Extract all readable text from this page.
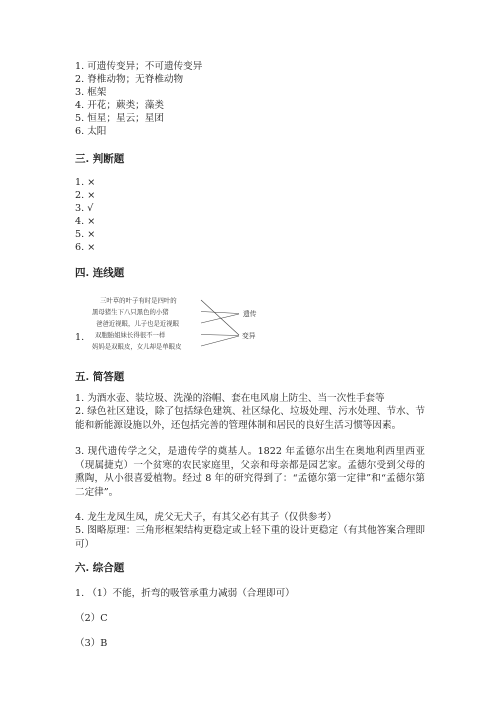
1. 可遗传变异；不可遗传变异
2. 脊椎动物；无脊椎动物
3. 框架
4. 开花；蕨类；藻类
5. 恒星；星云；星团
6. 太阳
三. 判断题
1. ×
2. ×
3. √
4. ×
5. ×
6. ×
四. 连线题
1.
三叶草的叶子有时是四叶的
黑母猪生下八只黑色的小猪
爸爸近视眼，儿子也是近视眼
双胞胎姐妹长得很不一样
妈妈是双眼皮，女儿却是单眼皮
遗传
变异
五. 简答题
1. 为酒水壶、装垃圾、洗澡的浴帽、套在电风扇上防尘、当一次性手套等
2. 绿色社区建设，除了包括绿色建筑、社区绿化、垃圾处理、污水处理、节水、节能和新能源设施以外，还包括完善的管理体制和居民的良好生活习惯等因素。
3. 现代遗传学之父，是遗传学的奠基人。1822 年孟德尔出生在奥地利西里西亚（现属捷克）一个贫寒的农民家庭里，父亲和母亲都是园艺家。孟德尔受到父母的熏陶，从小很喜爱植物。经过 8 年的研究得到了：“孟德尔第一定律”和“孟德尔第二定律”。
4. 龙生龙凤生凤，虎父无犬子，有其父必有其子（仅供参考）
5. 图略原理：三角形框架结构更稳定或上轻下重的设计更稳定（有其他答案合理即可）
六. 综合题
1. （1）不能，折弯的吸管承重力减弱（合理即可）
（2）C
（3）B
